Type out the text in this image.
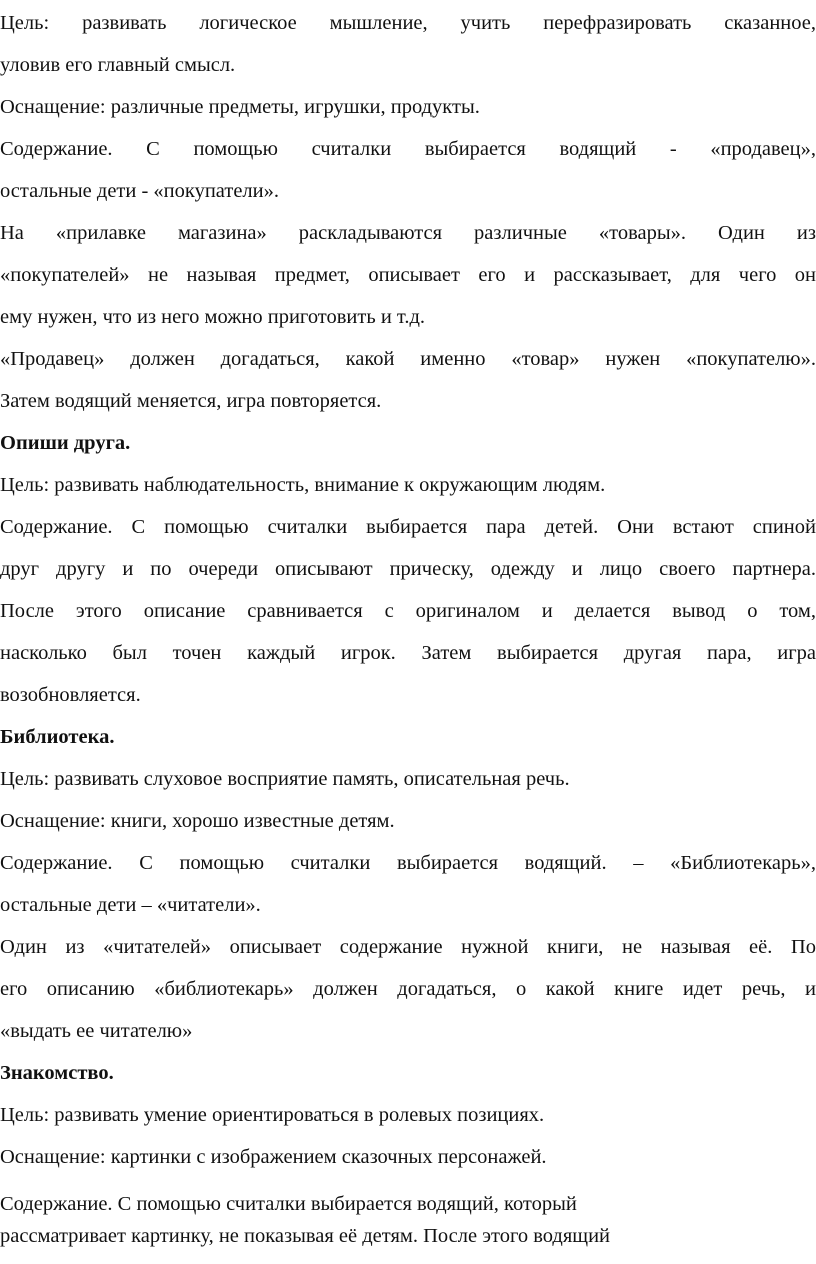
Цель: развивать логическое мышление, учить перефразировать сказанное,
уловив его главный смысл.
Оснащение: различные предметы, игрушки, продукты.
Содержание. С помощью считалки выбирается водящий - «продавец»,
остальные дети - «покупатели».
На «прилавке магазина» раскладываются различные «товары». Один из
«покупателей» не называя предмет, описывает его и рассказывает, для чего он
ему нужен, что из него можно приготовить и т.д.
«Продавец» должен догадаться, какой именно «товар» нужен «покупателю».
Затем водящий меняется, игра повторяется.
Опиши друга.
Цель: развивать наблюдательность, внимание к окружающим людям.
Содержание. С помощью считалки выбирается пара детей. Они встают спиной
друг другу и по очереди описывают прическу, одежду и лицо своего партнера.
После этого описание сравнивается с оригиналом и делается вывод о том,
насколько был точен каждый игрок. Затем выбирается другая пара, игра
возобновляется.
Библиотека.
Цель: развивать слуховое восприятие память, описательная речь.
Оснащение: книги, хорошо известные детям.
Содержание. С помощью считалки выбирается водящий. – «Библиотекарь»,
остальные дети – «читатели».
Один из «читателей» описывает содержание нужной книги, не называя её. По
его описанию «библиотекарь» должен догадаться, о какой книге идет речь, и
«выдать ее читателю»
Знакомство.
Цель: развивать умение ориентироваться в ролевых позициях.
Оснащение: картинки с изображением сказочных персонажей.
Содержание. С помощью считалки выбирается водящий, который
рассматривает картинку, не показывая её детям. После этого водящий
